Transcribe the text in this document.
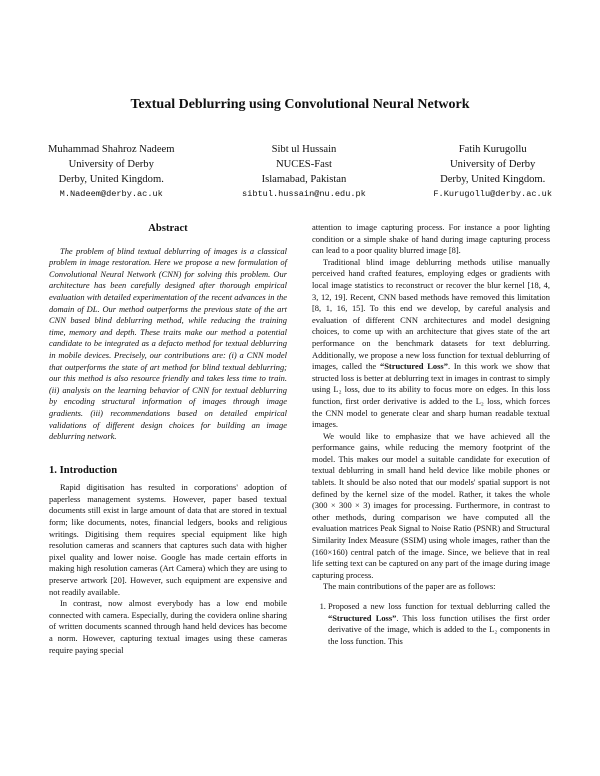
Textual Deblurring using Convolutional Neural Network
Muhammad Shahroz Nadeem
University of Derby
Derby, United Kingdom.
M.Nadeem@derby.ac.uk
Sibt ul Hussain
NUCES-Fast
Islamabad, Pakistan
sibtul.hussain@nu.edu.pk
Fatih Kurugollu
University of Derby
Derby, United Kingdom.
F.Kurugollu@derby.ac.uk
Abstract

The problem of blind textual deblurring of images is a classical problem in image restoration. Here we propose a new formulation of Convolutional Neural Network (CNN) for solving this problem. Our architecture has been carefully designed after thorough empirical evaluation with detailed experimentation of the recent advances in the domain of DL. Our method outperforms the previous state of the art CNN based blind deblurring method, while reducing the training time, memory and depth. These traits make our method a potential candidate to be integrated as a defacto method for textual deblurring in mobile devices. Precisely, our contributions are: (i) a CNN model that outperforms the state of art method for blind textual deblurring; our this method is also resource friendly and takes less time to train. (ii) analysis on the learning behavior of CNN for textual deblurring by encoding structural information of images through image gradients. (iii) recommendations based on detailed empirical validations of different design choices for building an image deblurring network.

1. Introduction

Rapid digitisation has resulted in corporations' adoption of paperless management systems. However, paper based textual documents still exist in large amount of data that are stored in textual form; like documents, notes, financial ledgers, books and religious writings. Digitising them requires special equipment like high resolution cameras and scanners that captures such data with higher pixel quality and lower noise. Google has made certain efforts in making high resolution cameras (Art Camera) which they are using to preserve artwork [20]. However, such equipment are expensive and not readily available.

In contrast, now almost everybody has a low end mobile connected with camera. Especially, during the covidera online sharing of written documents scanned through hand held devices has become a norm. However, capturing textual images using these cameras require paying special

attention to image capturing process. For instance a poor lighting condition or a simple shake of hand during image capturing process can lead to a poor quality blurred image [8].

Traditional blind image deblurring methods utilise manually perceived hand crafted features, employing edges or gradients with local image statistics to reconstruct or recover the blur kernel [18, 4, 3, 12, 19]. Recent, CNN based methods have removed this limitation [8, 1, 16, 15]. To this end we develop, by careful analysis and evaluation of different CNN architectures and model designing choices, to come up with an architecture that gives state of the art performance on the benchmark datasets for text deblurring. Additionally, we propose a new loss function for textual deblurring of images, called the “Structured Loss”. In this work we show that structed loss is better at deblurring text in images in contrast to simply using L₂ loss, due to its ability to focus more on edges. In this loss function, first order derivative is added to the L₂ loss, which forces the CNN model to generate clear and sharp human readable textual images.

We would like to emphasize that we have achieved all the performance gains, while reducing the memory footprint of the model. This makes our model a suitable candidate for execution of textual deblurring in small hand held device like mobile phones or tablets. It should be also noted that our models' spatial support is not defined by the kernel size of the model. Rather, it takes the whole (300 × 300 × 3) images for processing. Furthermore, in contrast to other methods, during comparison we have computed all the evaluation matrices Peak Signal to Noise Ratio (PSNR) and Structural Similarity Index Measure (SSIM) using whole images, rather than the (160×160) central patch of the image. Since, we believe that in real life setting text can be captured on any part of the image during image capturing process.

The main contributions of the paper are as follows:

1. Proposed a new loss function for textual deblurring called the “Structured Loss”. This loss function utilises the first order derivative of the image, which is added to the L₂ components in the loss function. This
